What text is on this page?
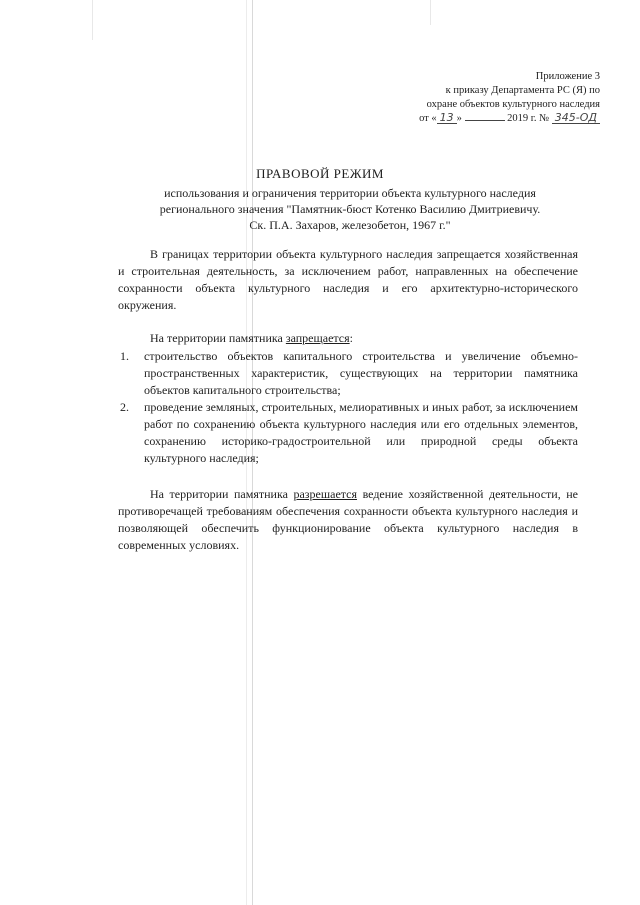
Приложение 3
к приказу Департамента РС (Я) по
охране объектов культурного наследия
от « 13 »	2019 г. № 345-ОД
ПРАВОВОЙ РЕЖИМ
использования и ограничения территории объекта культурного наследия
регионального значения "Памятник-бюст Котенко Василию Дмитриевичу.
Ск. П.А. Захаров, железобетон, 1967 г."
В границах территории объекта культурного наследия запрещается хозяйственная и строительная деятельность, за исключением работ, направленных на обеспечение сохранности объекта культурного наследия и его архитектурно-исторического окружения.
На территории памятника запрещается:
1. строительство объектов капитального строительства и увеличение объемно- пространственных характеристик, существующих на территории памятника объектов капитального строительства;
2. проведение земляных, строительных, мелиоративных и иных работ, за исключением работ по сохранению объекта культурного наследия или его отдельных элементов, сохранению историко-градостроительной или природной среды объекта культурного наследия;
На территории памятника разрешается ведение хозяйственной деятельности, не противоречащей требованиям обеспечения сохранности объекта культурного наследия и позволяющей обеспечить функционирование объекта культурного наследия в современных условиях.
